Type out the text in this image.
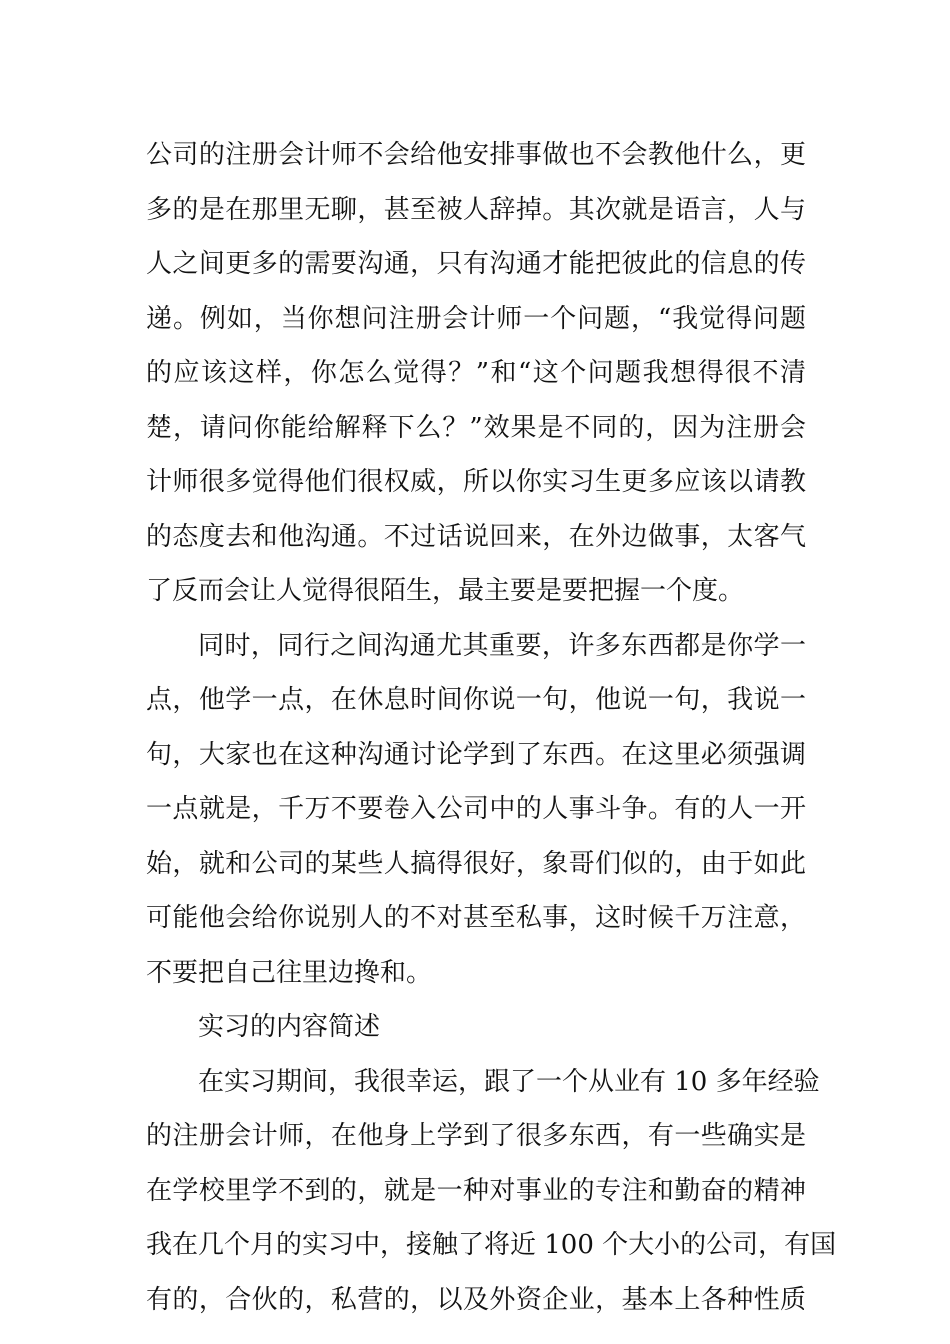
公司的注册会计师不会给他安排事做也不会教他什么，更
多的是在那里无聊，甚至被人辞掉。其次就是语言，人与
人之间更多的需要沟通，只有沟通才能把彼此的信息的传
递。例如，当你想问注册会计师一个问题，“我觉得问题
的应该这样，你怎么觉得？”和“这个问题我想得很不清
楚，请问你能给解释下么？”效果是不同的，因为注册会
计师很多觉得他们很权威，所以你实习生更多应该以请教
的态度去和他沟通。不过话说回来，在外边做事，太客气
了反而会让人觉得很陌生，最主要是要把握一个度。
同时，同行之间沟通尤其重要，许多东西都是你学一
点，他学一点，在休息时间你说一句，他说一句，我说一
句，大家也在这种沟通讨论学到了东西。在这里必须强调
一点就是，千万不要卷入公司中的人事斗争。有的人一开
始，就和公司的某些人搞得很好，象哥们似的，由于如此
可能他会给你说别人的不对甚至私事，这时候千万注意，
不要把自己往里边搀和。
实习的内容简述
在实习期间，我很幸运，跟了一个从业有 10 多年经验
的注册会计师，在他身上学到了很多东西，有一些确实是
在学校里学不到的，就是一种对事业的专注和勤奋的精神
我在几个月的实习中，接触了将近 100 个大小的公司，有国
有的，合伙的，私营的，以及外资企业，基本上各种性质
